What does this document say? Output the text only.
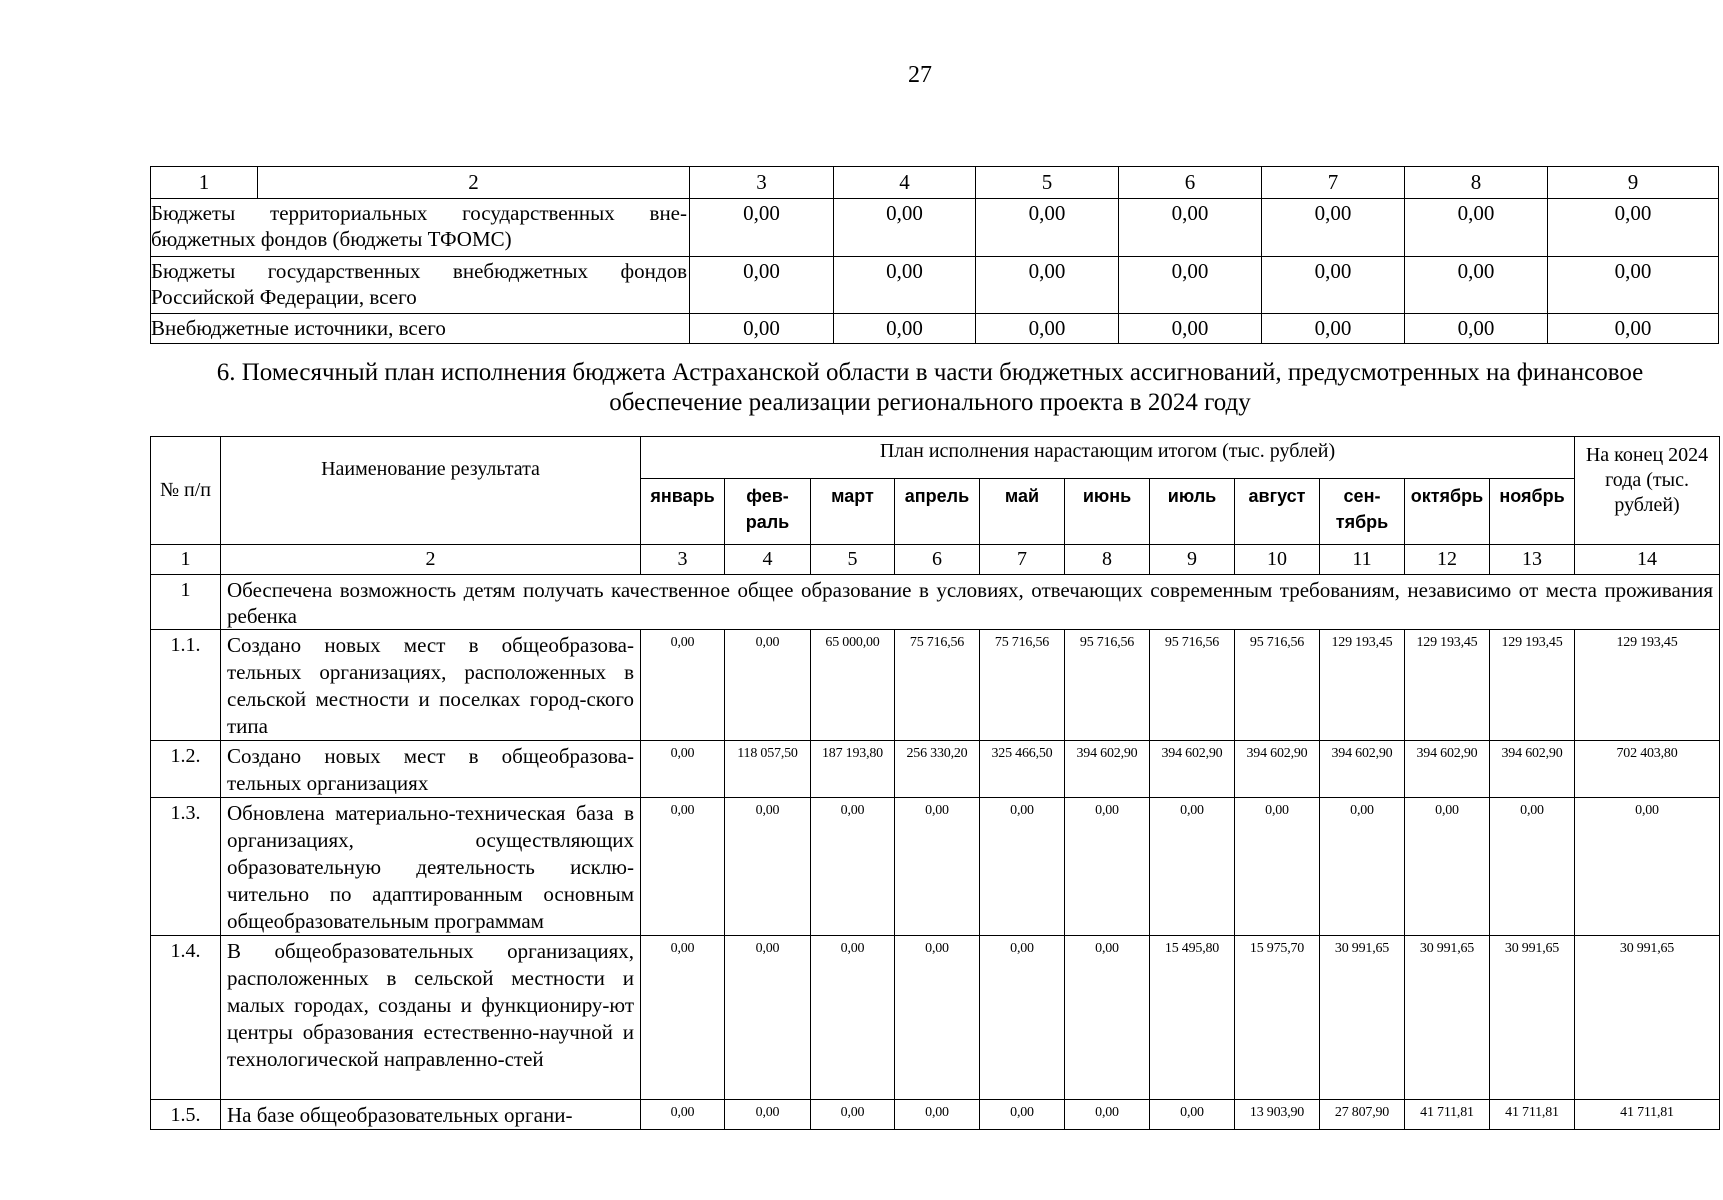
27
1	2	3	4	5	6	7	8	9
Бюджеты территориальных государственных вне-бюджетных фондов (бюджеты ТФОМС)		0,00	0,00	0,00	0,00	0,00	0,00	0,00
Бюджеты государственных внебюджетных фондов Российской Федерации, всего		0,00	0,00	0,00	0,00	0,00	0,00	0,00
Внебюджетные источники, всего		0,00	0,00	0,00	0,00	0,00	0,00	0,00
6. Помесячный план исполнения бюджета Астраханской области в части бюджетных ассигнований, предусмотренных на финансовое обеспечение реализации регионального проекта в 2024 году
№ п/п	Наименование результата	План исполнения нарастающим итогом (тыс. рублей)											На конец 2024 года (тыс. рублей)
		январь	фев-раль	март	апрель	май	июнь	июль	август	сен-тябрь	октябрь	ноябрь	
1	2	3	4	5	6	7	8	9	10	11	12	13	14
1	Обеспечена возможность детям получать качественное общее образование в условиях, отвечающих современным требованиям, независимо от места проживания ребенка												
1.1.	Создано новых мест в общеобразова-тельных организациях, расположенных в сельской местности и поселках город-ского типа	0,00	0,00	65 000,00	75 716,56	75 716,56	95 716,56	95 716,56	95 716,56	129 193,45	129 193,45	129 193,45	129 193,45
1.2.	Создано новых мест в общеобразова-тельных организациях	0,00	118 057,50	187 193,80	256 330,20	325 466,50	394 602,90	394 602,90	394 602,90	394 602,90	394 602,90	394 602,90	702 403,80
1.3.	Обновлена материально-техническая база в организациях, осуществляющих образовательную деятельность исклю-чительно по адаптированным основным общеобразовательным программам	0,00	0,00	0,00	0,00	0,00	0,00	0,00	0,00	0,00	0,00	0,00	0,00
1.4.	В общеобразовательных организациях, расположенных в сельской местности и малых городах, созданы и функциониру-ют центры образования естественно-научной и технологической направленно-стей	0,00	0,00	0,00	0,00	0,00	0,00	15 495,80	15 975,70	30 991,65	30 991,65	30 991,65	30 991,65
1.5.	На базе общеобразовательных органи-	0,00	0,00	0,00	0,00	0,00	0,00	0,00	13 903,90	27 807,90	41 711,81	41 711,81	41 711,81
